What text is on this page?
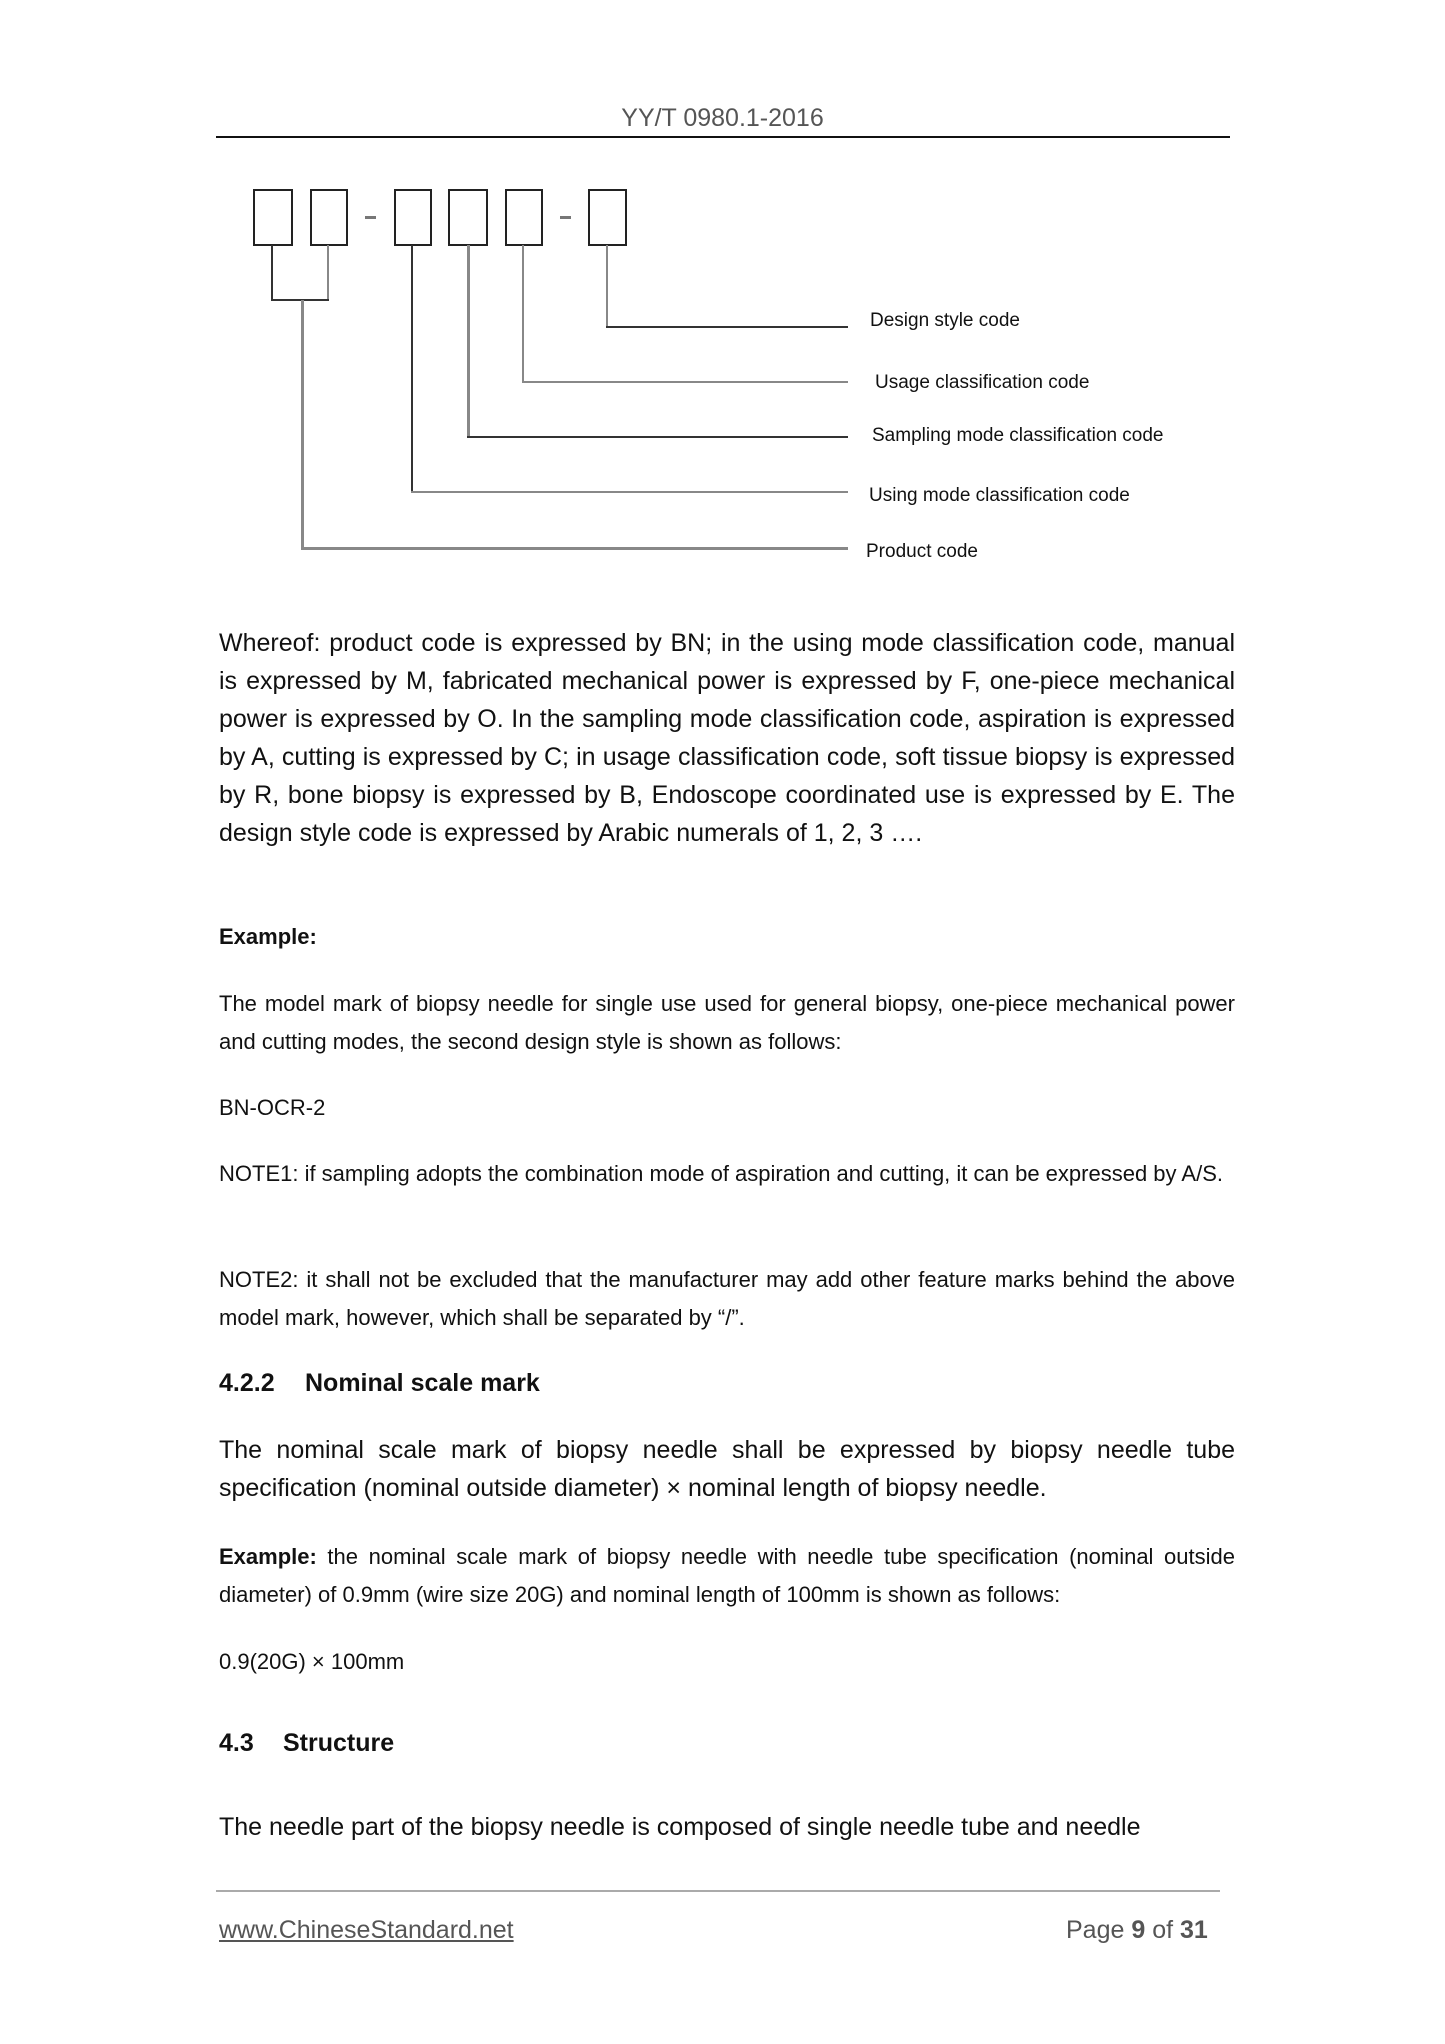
YY/T 0980.1-2016
Design style code
Usage classification code
Sampling mode classification code
Using mode classification code
Product code
Whereof: product code is expressed by BN; in the using mode classification code, manual is expressed by M, fabricated mechanical power is expressed by F, one-piece mechanical power is expressed by O. In the sampling mode classification code, aspiration is expressed by A, cutting is expressed by C; in usage classification code, soft tissue biopsy is expressed by R, bone biopsy is expressed by B, Endoscope coordinated use is expressed by E. The design style code is expressed by Arabic numerals of 1, 2, 3 ….
Example:
The model mark of biopsy needle for single use used for general biopsy, one-piece mechanical power and cutting modes, the second design style is shown as follows:
BN-OCR-2
NOTE1: if sampling adopts the combination mode of aspiration and cutting, it can be expressed by A/S.
NOTE2: it shall not be excluded that the manufacturer may add other feature marks behind the above model mark, however, which shall be separated by “/”.
4.2.2 Nominal scale mark
The nominal scale mark of biopsy needle shall be expressed by biopsy needle tube specification (nominal outside diameter) × nominal length of biopsy needle.
Example: the nominal scale mark of biopsy needle with needle tube specification (nominal outside diameter) of 0.9mm (wire size 20G) and nominal length of 100mm is shown as follows:
0.9(20G) × 100mm
4.3 Structure
The needle part of the biopsy needle is composed of single needle tube and needle
www.ChineseStandard.net	Page 9 of 31
